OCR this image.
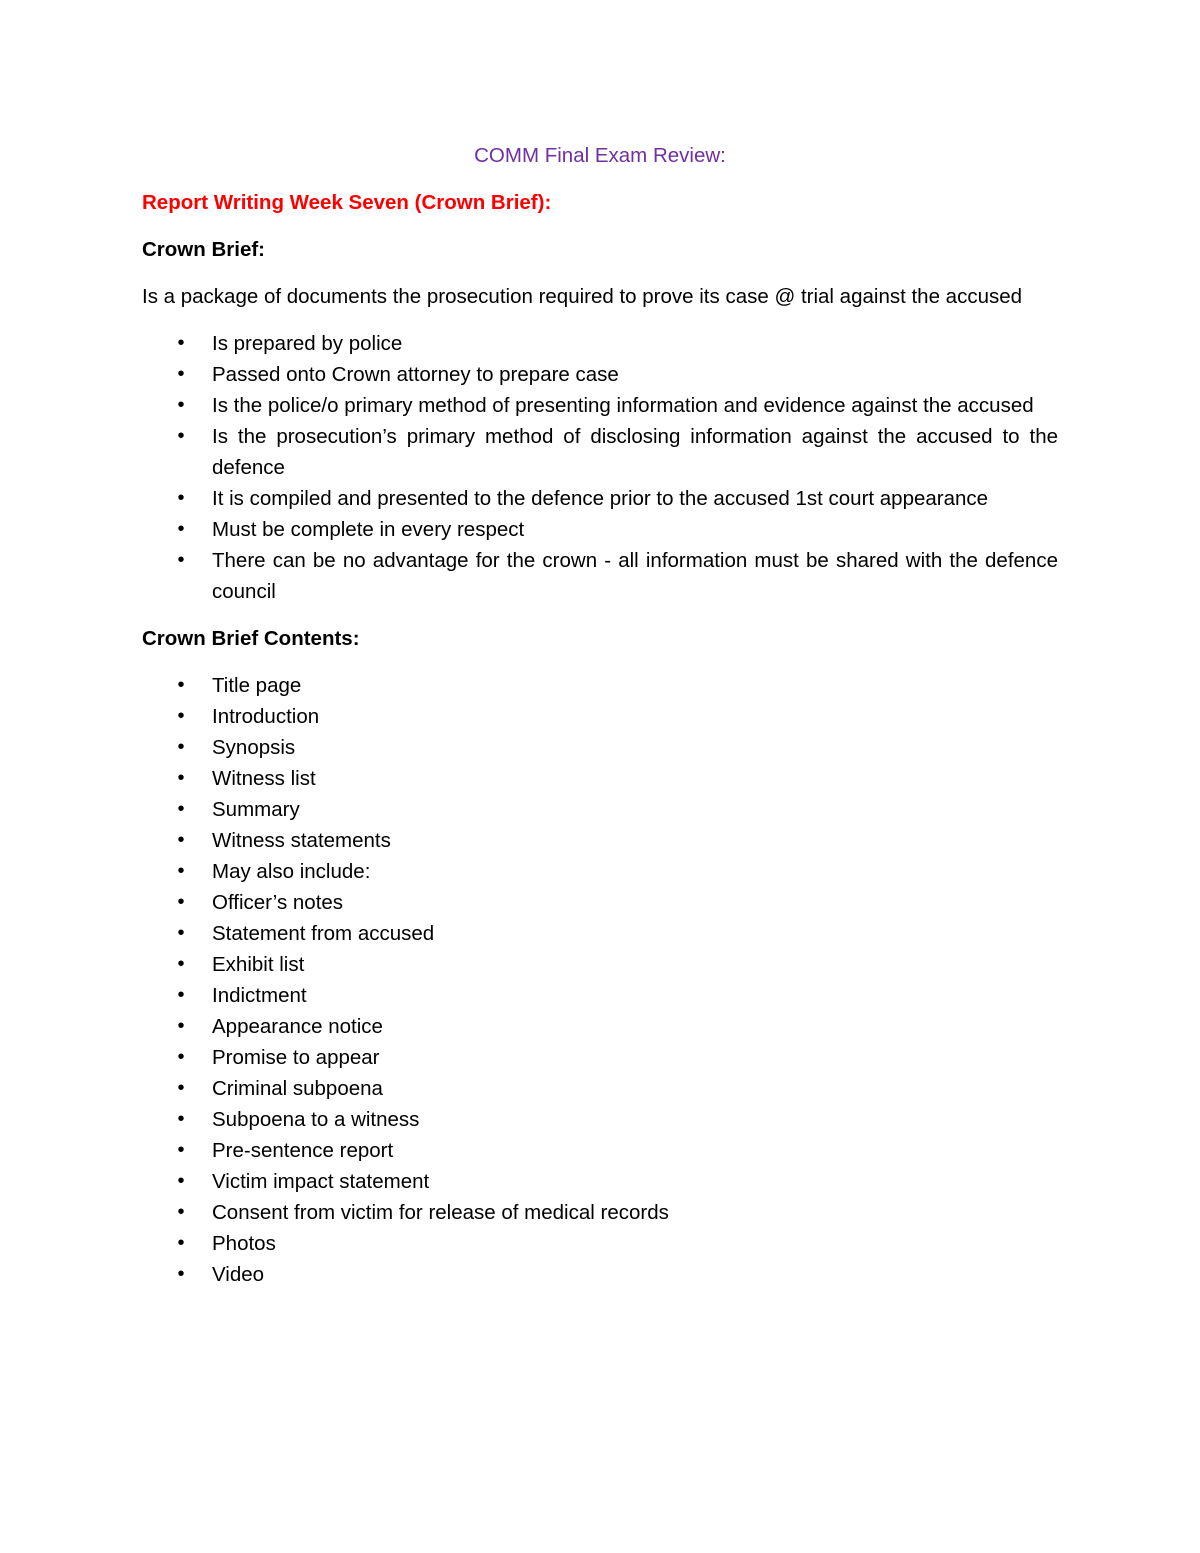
COMM Final Exam Review:
Report Writing Week Seven (Crown Brief):
Crown Brief:
Is a package of documents the prosecution required to prove its case @ trial against the accused
• Is prepared by police
• Passed onto Crown attorney to prepare case
• Is the police/o primary method of presenting information and evidence against the accused
• Is the prosecution’s primary method of disclosing information against the accused to the defence
• It is compiled and presented to the defence prior to the accused 1st court appearance
• Must be complete in every respect
• There can be no advantage for the crown - all information must be shared with the defence council
Crown Brief Contents:
• Title page
• Introduction
• Synopsis
• Witness list
• Summary
• Witness statements
• May also include:
• Officer’s notes
• Statement from accused
• Exhibit list
• Indictment
• Appearance notice
• Promise to appear
• Criminal subpoena
• Subpoena to a witness
• Pre-sentence report
• Victim impact statement
• Consent from victim for release of medical records
• Photos
• Video
